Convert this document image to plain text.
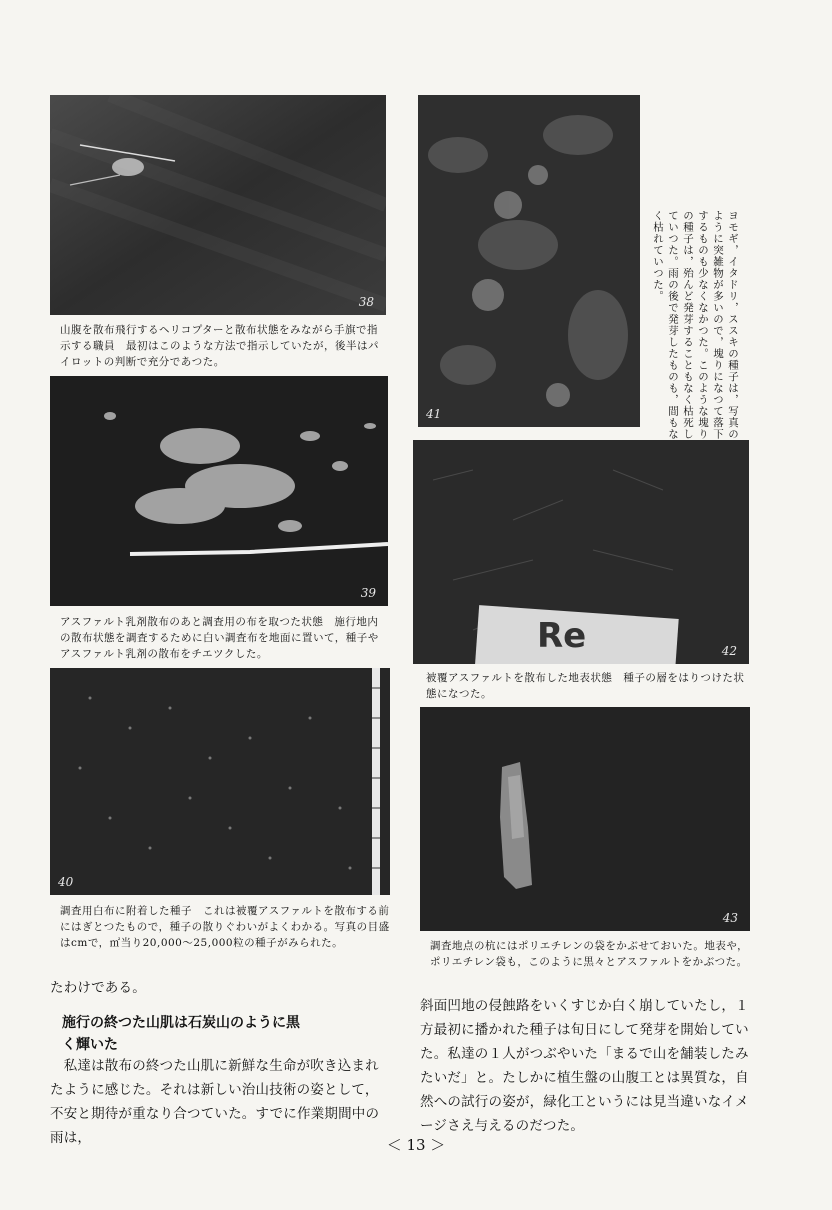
38
山腹を散布飛行するヘリコプターと散布状態をみながら手旗で指示する職員　最初はこのような方法で指示していたが，後半はパイロットの判断で充分であつた。
39
アスファルト乳剤散布のあと調査用の布を取つた状態　施行地内の散布状態を調査するために白い調査布を地面に置いて，種子やアスファルト乳剤の散布をチエツクした。
40
調査用白布に附着した種子　これは被覆アスファルトを散布する前にはぎとつたもので，種子の散りぐわいがよくわかる。写真の目盛はcmで，㎡当り20,000〜25,000粒の種子がみられた。
41	ヨモギ，イタドリ，ススキの種子は，写真のように突雑物が多いので，塊りになつて落下するものも少なくなかつた。このような塊りの種子は，殆んど発芽することもなく枯死していつた。雨の後で発芽したものも，間もなく枯れていつた。
Re	42
被覆アスファルトを散布した地表状態　種子の層をはりつけた状態になつた。
43
調査地点の杭にはポリエチレンの袋をかぶせておいた。地表や，ポリエチレン袋も，このように黒々とアスファルトをかぶつた。
たわけである。
施行の終つた山肌は石炭山のように黒
く輝いた
　私達は散布の終つた山肌に新鮮な生命が吹き込まれたように感じた。それは新しい治山技術の姿として，不安と期待が重なり合つていた。すでに作業期間中の雨は，
斜面凹地の侵蝕路をいくすじか白く崩していたし，１方最初に播かれた種子は旬日にして発芽を開始していた。私達の１人がつぶやいた「まるで山を舗装したみたいだ」と。たしかに植生盤の山腹工とは異質な，自然への試行の姿が，緑化工というには見当違いなイメージさえ与えるのだつた。
＜ 13 ＞
